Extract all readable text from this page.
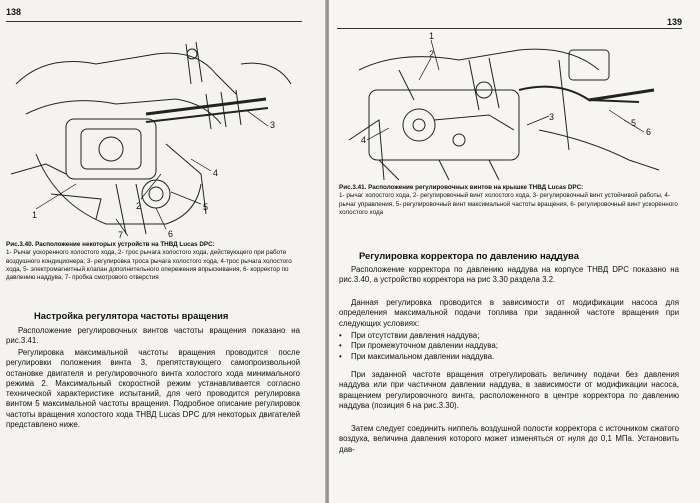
138
1
2
3
4
5
6
7
Рис.3.40. Расположение некоторых устройств на ТНВД Lucas DPC:

1- Рычаг ускоренного холостого хода, 2- трос рычага холостого хода, действующего при работе воздушного кондиционера; 3- регулировка троса рычага холостого хода, 4-трос рычага холостого хода, 5- электромагнитный клапан дополнительного опережения впрыскивания, 6- корректор по давлению наддува, 7- пробка смотрового отверстия

Настройка регулятора частоты вращения

Расположение регулировочных винтов частоты вращения показано на рис.3.41.

Регулировка максимальной частоты вращения проводится после регулировки положения винта 3, препятствующего самопроизвольной остановке двигателя и регулировочного винта холостого хода минимального режима 2. Максимальный скоростной режим устанавливается согласно технической характеристике испытаний, для чего проводится регулировка винтом 5 максимальной частоты вращения. Подробное описание регулировок частоты вращения холостого хода ТНВД Lucas DPC для некоторых двигателей представлено ниже.

139
1
2
3
4
5
6
Рис.3.41. Расположение регулировочных винтов на крышке ТНВД Lucas DPC:

1- рычаг холостого хода, 2- регулировочный винт холостого хода, 3- регулировочный винт устойчивой работы, 4- рычаг управления, 5- регулировочный винт максимальной частоты вращения, 6- регулировочный винт ускоренного холостого хода

Регулировка корректора по давлению наддува

Расположение корректора по давлению наддува на корпусе ТНВД DPC показано на рис.3.40, а устройство корректора на рис 3.30 раздела 3.2.

Данная регулировка проводится в зависимости от модификации насоса для определения максимальной подачи топлива при заданной частоте вращения при следующих условиях:

• При отсутствии давления наддува;
• При промежуточном давлении наддува;
• При максимальном давлении наддува.

При заданной частоте вращения отрегулировать величину подачи без давления наддува или при частичном давлении наддува, в зависимости от модификации насоса, вращением регулировочного винта, расположенного в центре корректора по давлению наддува (позиция 6 на рис.3.30).

Затем следует соединить ниппель воздушной полости корректора с источником сжатого воздуха, величина давления которого может изменяться от нуля до 0,1 МПа. Установить дав-
